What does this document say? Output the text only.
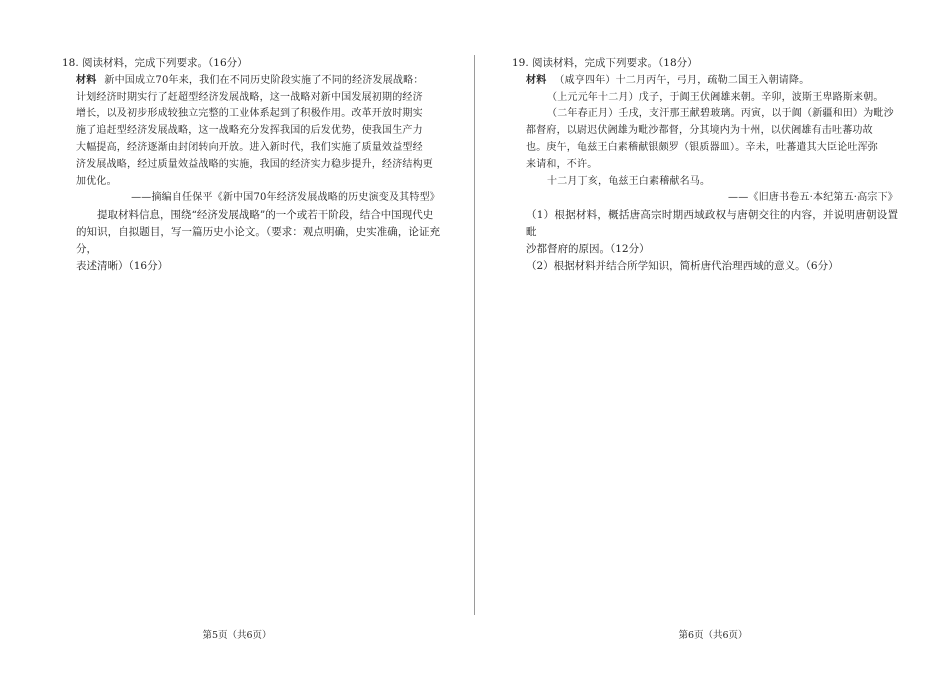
18. 阅读材料，完成下列要求。（16分）

材料 新中国成立70年来，我们在不同历史阶段实施了不同的经济发展战略：

计划经济时期实行了赶超型经济发展战略，这一战略对新中国发展初期的经济

增长，以及初步形成较独立完整的工业体系起到了积极作用。改革开放时期实

施了追赶型经济发展战略，这一战略充分发挥我国的后发优势，使我国生产力

大幅提高，经济逐渐由封闭转向开放。进入新时代，我们实施了质量效益型经

济发展战略，经过质量效益战略的实施，我国的经济实力稳步提升，经济结构更

加优化。

——摘编自任保平《新中国70年经济发展战略的历史演变及其特型》

提取材料信息，围绕“经济发展战略”的一个或若干阶段，结合中国现代史

的知识，自拟题目，写一篇历史小论文。（要求：观点明确，史实准确，论证充分，

表述清晰）（16分）

第5页（共6页）

19. 阅读材料，完成下列要求。（18分）

材料 （咸亨四年）十二月丙午，弓月，疏勒二国王入朝请降。

（上元元年十二月）戊子，于阗王伏阇雄来朝。辛卯，波斯王卑路斯来朝。

（二年春正月）壬戌，支汗那王献碧玻璃。丙寅，以于阗（新疆和田）为毗沙

都督府，以尉迟伏阇雄为毗沙都督，分其境内为十州，以伏阇雄有击吐蕃功故

也。庚午，龟兹王白素稽献银颇罗（银质器皿）。辛未，吐蕃遣其大臣论吐浑弥

来请和，不许。

十二月丁亥，龟兹王白素稽献名马。

——《旧唐书卷五·本纪第五·高宗下》

（1）根据材料，概括唐高宗时期西域政权与唐朝交往的内容，并说明唐朝设置毗

沙都督府的原因。（12分）

（2）根据材料并结合所学知识，简析唐代治理西域的意义。（6分）

第6页（共6页）
